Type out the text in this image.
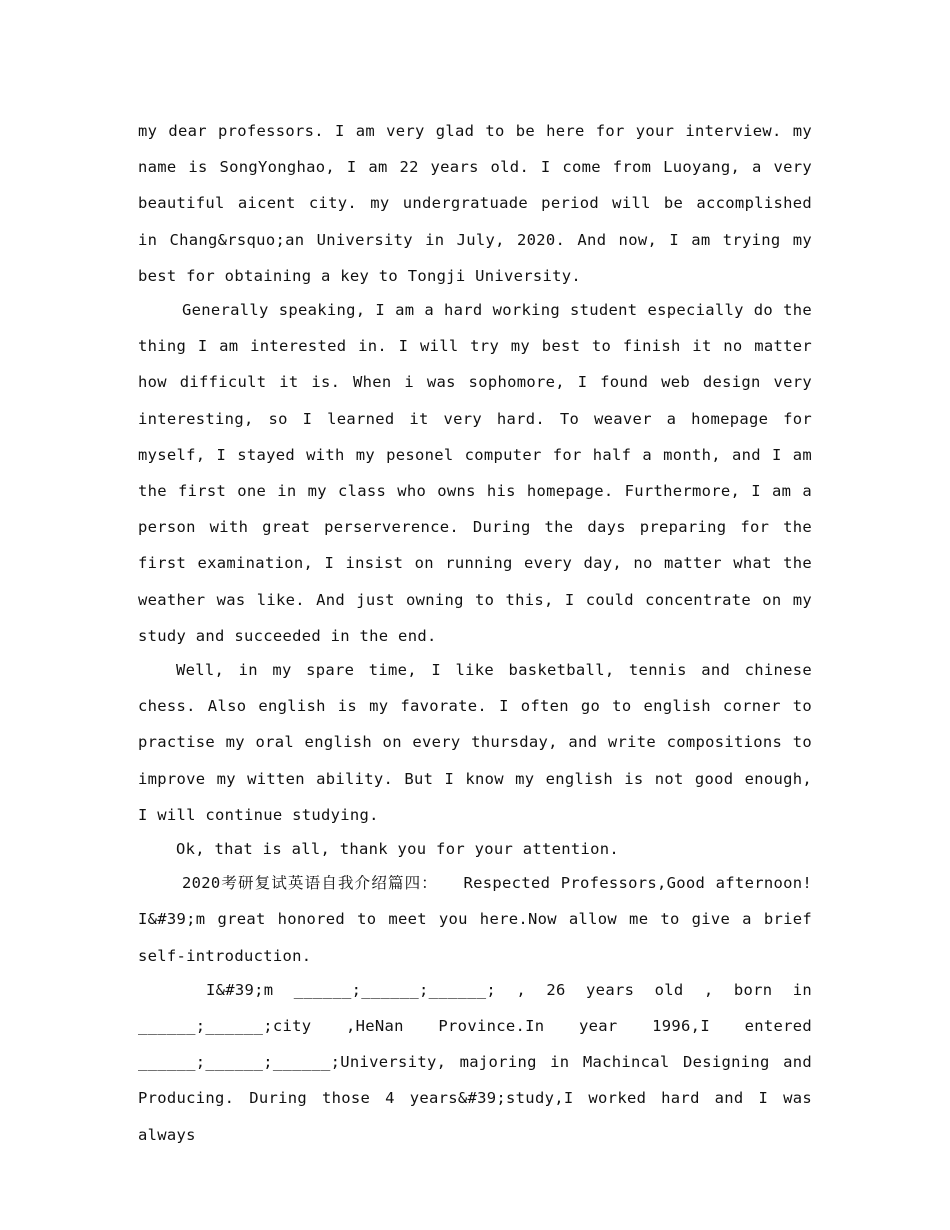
my dear professors. I am very glad to be here for your interview. my name is SongYonghao, I am 22 years old. I come from Luoyang, a very beautiful aicent city. my undergratuade period will be accomplished in Chang&rsquo;an University in July, 2020. And now, I am trying my best for obtaining a key to Tongji University.

Generally speaking, I am a hard working student especially do the thing I am interested in. I will try my best to finish it no matter how difficult it is. When i was sophomore, I found web design very interesting, so I learned it very hard. To weaver a homepage for myself, I stayed with my pesonel computer for half a month, and I am the first one in my class who owns his homepage. Furthermore, I am a person with great perserverence. During the days preparing for the first examination, I insist on running every day, no matter what the weather was like. And just owning to this, I could concentrate on my study and succeeded in the end.

Well, in my spare time, I like basketball, tennis and chinese chess. Also english is my favorate. I often go to english corner to practise my oral english on every thursday, and write compositions to improve my witten ability. But I know my english is not good enough, I will continue studying.

Ok, that is all, thank you for your attention.

2020考研复试英语自我介绍篇四：　　Respected Professors,Good afternoon! I&#39;m great honored to meet you here.Now allow me to give a brief self-introduction.

I&#39;m ______;______;______; , 26 years old , born in ______;______;city ,HeNan Province.In year 1996,I entered ______;______;______;University, majoring in Machincal Designing and Producing. During those 4 years&#39;study,I worked hard and I was always
